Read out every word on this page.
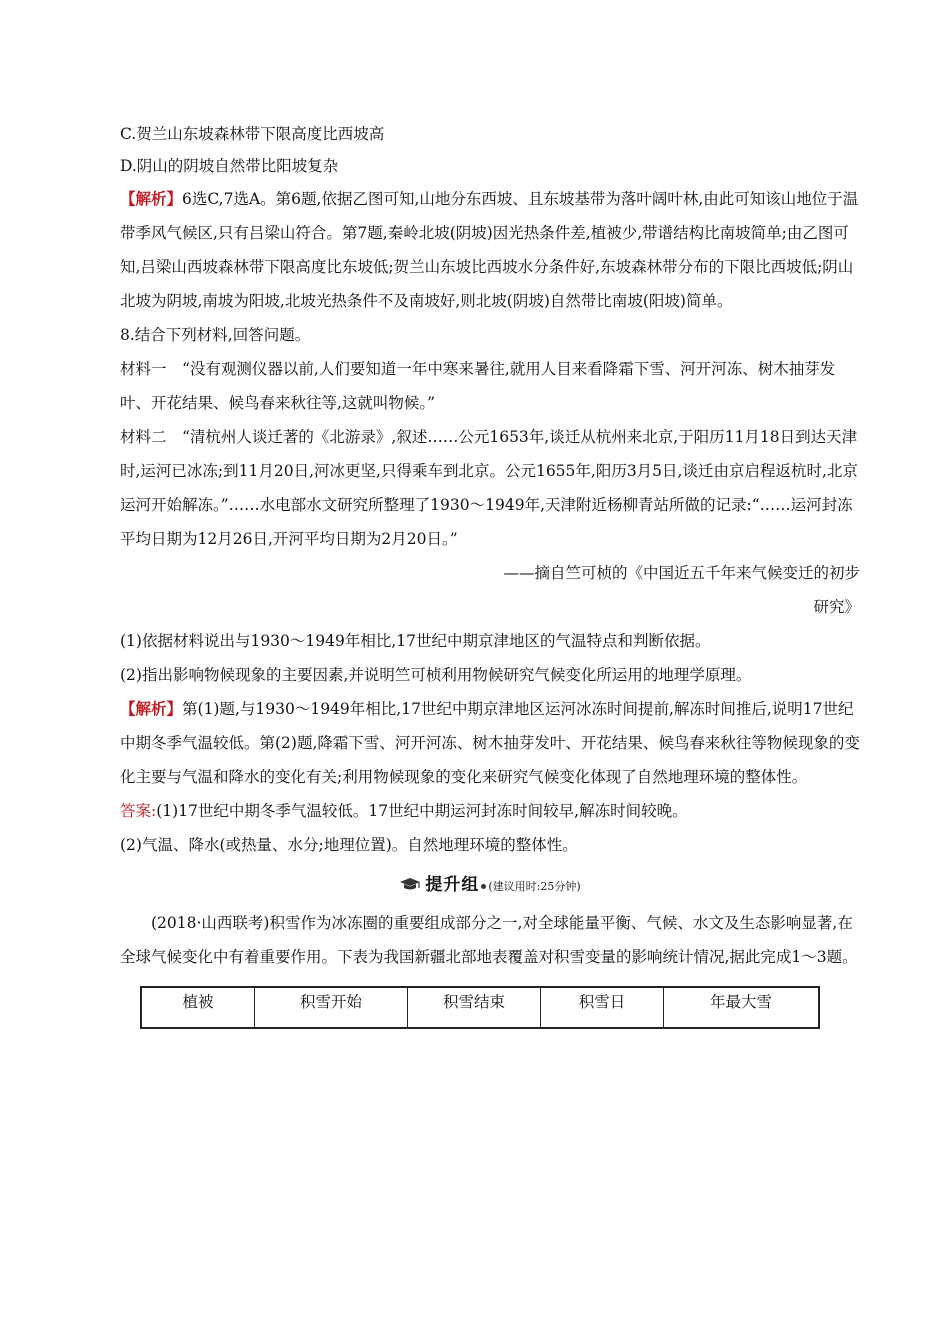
C.贺兰山东坡森林带下限高度比西坡高

D.阴山的阴坡自然带比阳坡复杂

【解析】6选C,7选A。第6题,依据乙图可知,山地分东西坡、且东坡基带为落叶阔叶林,由此可知该山地位于温带季风气候区,只有吕梁山符合。第7题,秦岭北坡(阴坡)因光热条件差,植被少,带谱结构比南坡简单;由乙图可知,吕梁山西坡森林带下限高度比东坡低;贺兰山东坡比西坡水分条件好,东坡森林带分布的下限比西坡低;阴山北坡为阴坡,南坡为阳坡,北坡光热条件不及南坡好,则北坡(阴坡)自然带比南坡(阳坡)简单。

8.结合下列材料,回答问题。

材料一　“没有观测仪器以前,人们要知道一年中寒来暑往,就用人目来看降霜下雪、河开河冻、树木抽芽发叶、开花结果、候鸟春来秋往等,这就叫物候。”

材料二　“清杭州人谈迁著的《北游录》,叙述……公元1653年,谈迁从杭州来北京,于阳历11月18日到达天津时,运河已冰冻;到11月20日,河冰更坚,只得乘车到北京。公元1655年,阳历3月5日,谈迁由京启程返杭时,北京运河开始解冻。”……水电部水文研究所整理了1930～1949年,天津附近杨柳青站所做的记录:“……运河封冻平均日期为12月26日,开河平均日期为2月20日。”

——摘自竺可桢的《中国近五千年来气候变迁的初步研究》

(1)依据材料说出与1930～1949年相比,17世纪中期京津地区的气温特点和判断依据。

(2)指出影响物候现象的主要因素,并说明竺可桢利用物候研究气候变化所运用的地理学原理。

【解析】第(1)题,与1930～1949年相比,17世纪中期京津地区运河冰冻时间提前,解冻时间推后,说明17世纪中期冬季气温较低。第(2)题,降霜下雪、河开河冻、树木抽芽发叶、开花结果、候鸟春来秋往等物候现象的变化主要与气温和降水的变化有关;利用物候现象的变化来研究气候变化体现了自然地理环境的整体性。

答案:(1)17世纪中期冬季气温较低。17世纪中期运河封冻时间较早,解冻时间较晚。

(2)气温、降水(或热量、水分;地理位置)。自然地理环境的整体性。

提升组 (建议用时:25分钟)

(2018·山西联考)积雪作为冰冻圈的重要组成部分之一,对全球能量平衡、气候、水文及生态影响显著,在全球气候变化中有着重要作用。下表为我国新疆北部地表覆盖对积雪变量的影响统计情况,据此完成1～3题。

植被	积雪开始	积雪结束	积雪日	年最大雪
